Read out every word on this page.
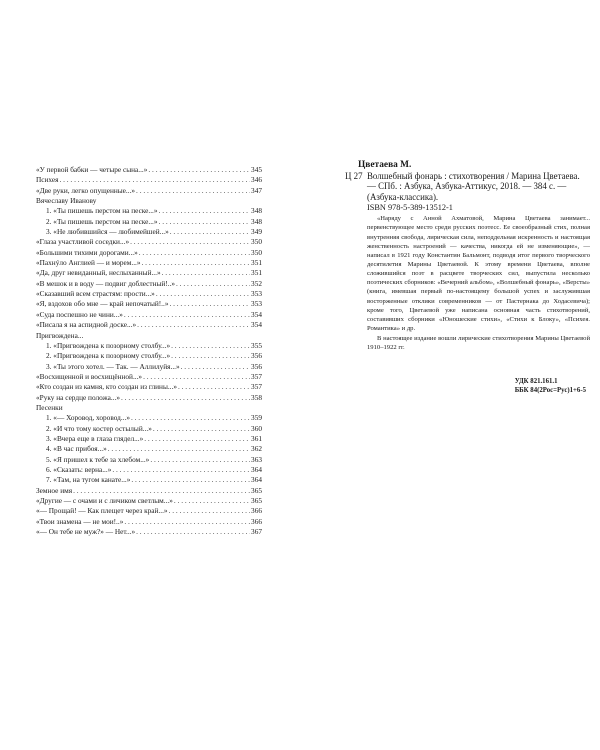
«У первой бабки — четыре сына...» . . .	345
Психея . . .	346
«Две руки, легко опущенные...» . . .	347
Вячеславу Иванову
1. «Ты пишешь перстом на песке...» . . .	348
2. «Ты пишешь перстом на песке...» . . .	348
3. «Не любившийся — любимейшей...» . . .	349
«Глаза участливой соседки...» . . .	350
«Большими тихими дорогами...» . . .	350
«Пахнýло Англией — и морем...» . . .	351
«Да, друг невиданный, неслыханный...» . . .	351
«В мешок и в воду — подвиг доблестный!..» . . .	352
«Сказавший всем страстям: прости...» . . .	353
«Я, вздохов обо мне — край непочатый!..» . . .	353
«Суда поспешно не чини...» . . .	354
«Писала я на аспидной доске...» . . .	354
Пригвождена...
1. «Пригвождена к позорному столбу...» . . .	355
2. «Пригвождена к позорному столбу...» . . .	356
3. «Ты этого хотел. — Так. — Аллилуйя...» . . .	356
«Восхищенной и восхищённой...» . . .	357
«Кто создан из камня, кто создан из глины...» . . .	357
«Руку на сердце положа...» . . .	358
Песенки
1. «— Хоровод, хоровод...» . . .	359
2. «И что тому костер остылый...» . . .	360
3. «Вчера еще в глаза глядел...» . . .	361
4. «В час прибоя...» . . .	362
5. «Я пришел к тебе за хлебом...» . . .	363
6. «Сказать: верна...» . . .	364
7. «Там, на тугом канате...» . . .	364
Земное имя . . .	365
«Другие — с очами и с личиком светлым...» . . .	365
«— Прощай! — Как плещет через край...» . . .	366
«Твои знамена — не мои!..» . . .	366
«— Он тебе не муж?» — Нет...» . . .	367
Цветаева М.
Ц 27 Волшебный фонарь : стихотворения / Марина Цветаева. — СПб. : Азбука, Азбука-Аттикус, 2018. — 384 с. — (Азбука-классика).
ISBN 978-5-389-13512-1
«Наряду с Анной Ахматовой, Марина Цветаева занимает... первенствующее место среди русских поэтесс. Ее своеобразный стих, полная внутренняя свобода, лирическая сила, неподдельная искренность и настоящая женственность настроений — качества, никогда ей не изменяющие», — написал в 1921 году Константин Бальмонт, подводя итог первого творческого десятилетия Марины Цветаевой. К этому времени Цветаева, вполне сложившийся поэт в расцвете творческих сил, выпустила несколько поэтических сборников: «Вечерний альбом», «Волшебный фонарь», «Версты» (книга, имевшая первый по-настоящему большой успех и заслужившая восторженные отклики современников — от Пастернака до Ходасевича); кроме того, Цветаевой уже написана основная часть стихотворений, составивших сборники «Юношеские стихи», «Стихи к Блоку», «Психея. Романтика» и др.
В настоящее издание вошли лирические стихотворения Марины Цветаевой 1910–1922 гг.
УДК 821.161.1
ББК 84(2Рос=Рус)1+6-5
